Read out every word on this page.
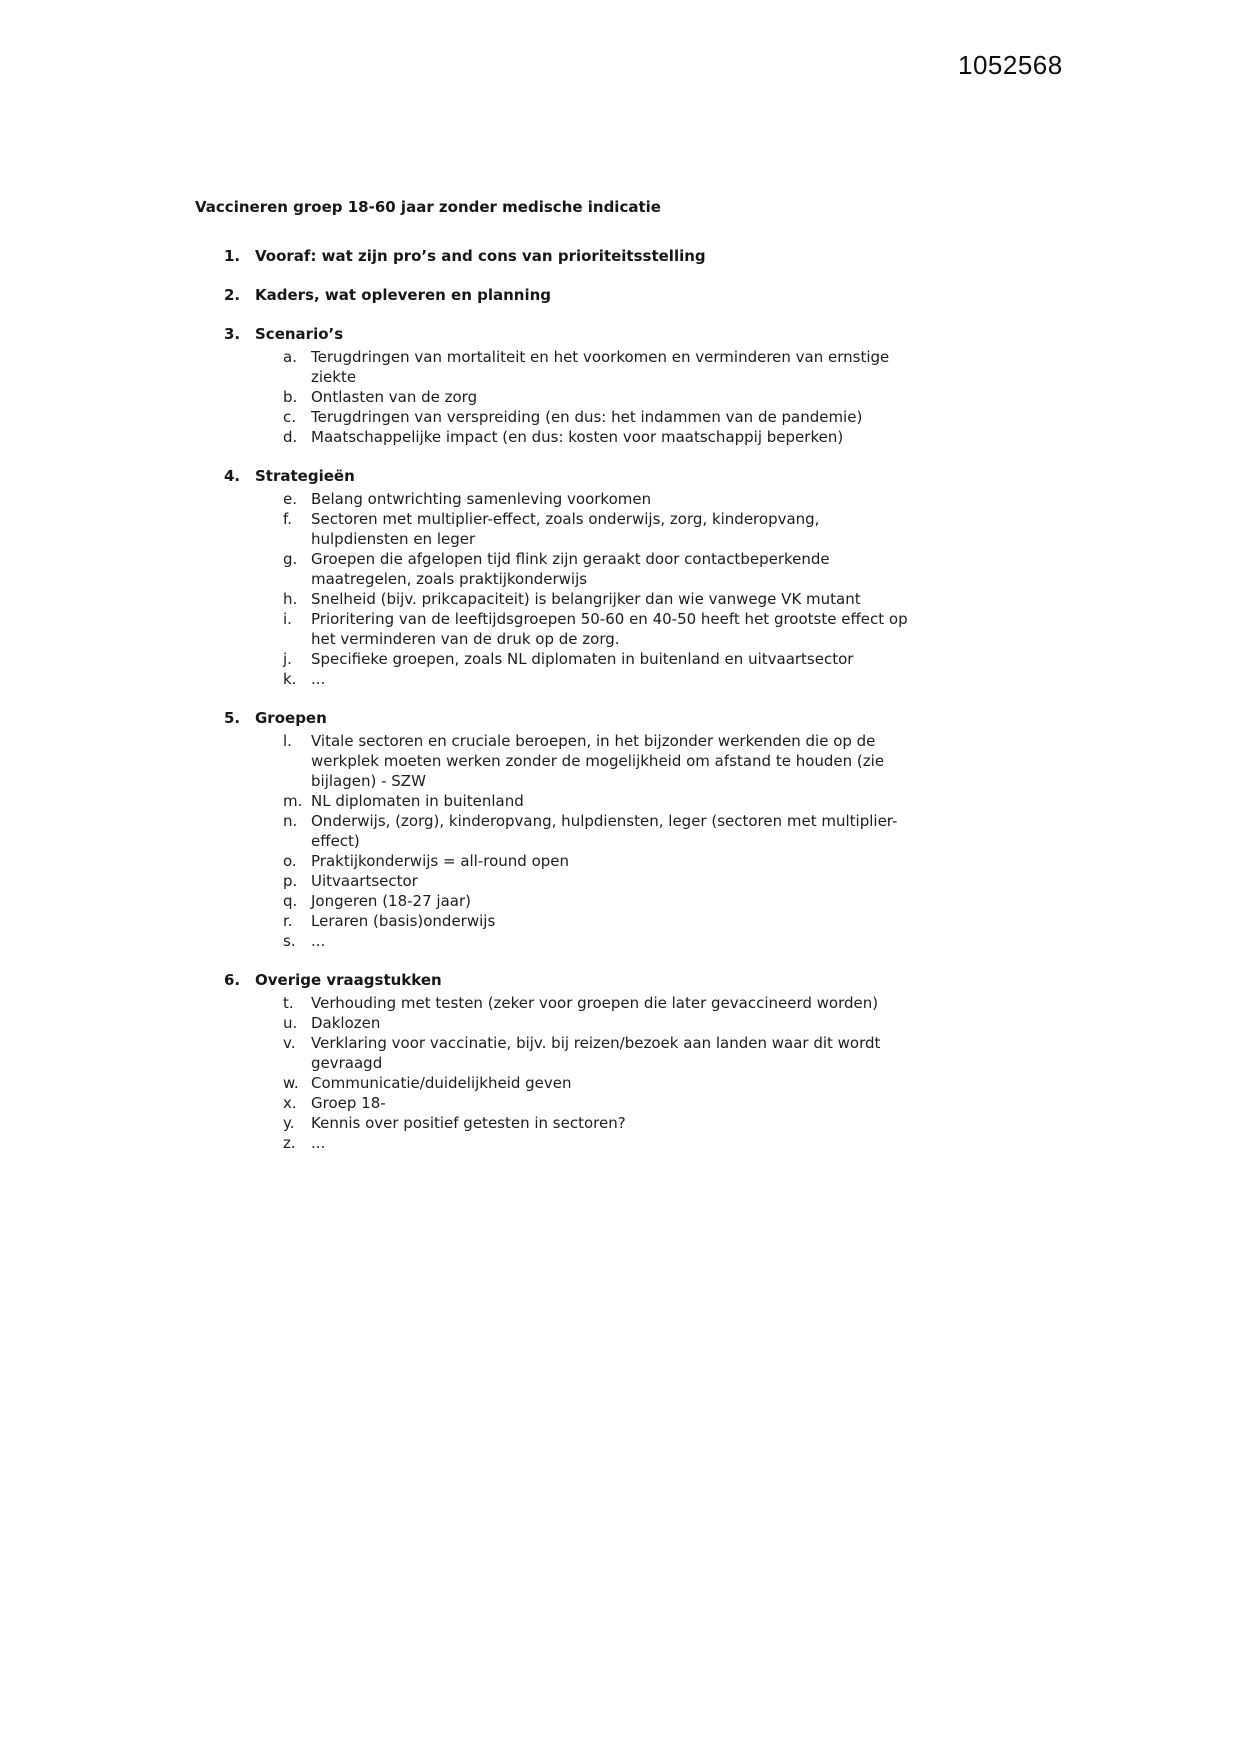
1052568
Vaccineren groep 18-60 jaar zonder medische indicatie
1. Vooraf: wat zijn pro’s and cons van prioriteitsstelling
2. Kaders, wat opleveren en planning
3. Scenario’s
a. Terugdringen van mortaliteit en het voorkomen en verminderen van ernstige ziekte
b. Ontlasten van de zorg
c. Terugdringen van verspreiding (en dus: het indammen van de pandemie)
d. Maatschappelijke impact (en dus: kosten voor maatschappij beperken)
4. Strategieën
e. Belang ontwrichting samenleving voorkomen
f.	Sectoren met multiplier-effect, zoals onderwijs, zorg, kinderopvang, hulpdiensten en leger
g. Groepen die afgelopen tijd flink zijn geraakt door contactbeperkende maatregelen, zoals praktijkonderwijs
h. Snelheid (bijv. prikcapaciteit) is belangrijker dan wie vanwege VK mutant
i.	Prioritering van de leeftijdsgroepen 50-60 en 40-50 heeft het grootste effect op het verminderen van de druk op de zorg.
j.	Specifieke groepen, zoals NL diplomaten in buitenland en uitvaartsector
k. ...
5. Groepen
l.	Vitale sectoren en cruciale beroepen, in het bijzonder werkenden die op de werkplek moeten werken zonder de mogelijkheid om afstand te houden (zie bijlagen) - SZW
m. NL diplomaten in buitenland
n. Onderwijs, (zorg), kinderopvang, hulpdiensten, leger (sectoren met multiplier-effect)
o. Praktijkonderwijs = all-round open
p. Uitvaartsector
q. Jongeren (18-27 jaar)
r.	Leraren (basis)onderwijs
s.	...
6. Overige vraagstukken
t.	Verhouding met testen (zeker voor groepen die later gevaccineerd worden)
u. Daklozen
v.	Verklaring voor vaccinatie, bijv. bij reizen/bezoek aan landen waar dit wordt gevraagd
w. Communicatie/duidelijkheid geven
x. Groep 18-
y.	Kennis over positief getesten in sectoren?
z.	...
